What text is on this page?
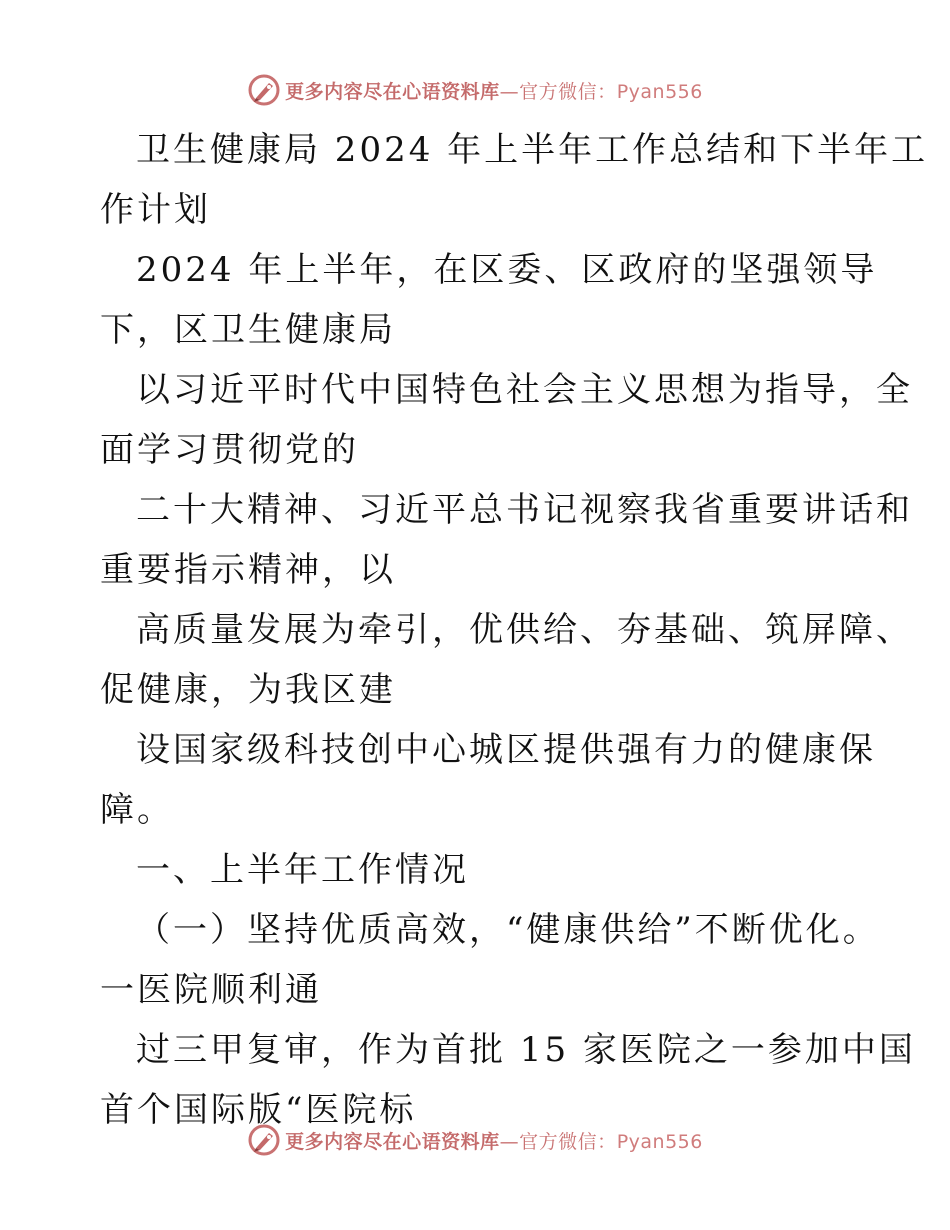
更多内容尽在心语资料库—官方微信：Pyan556
卫生健康局 2024 年上半年工作总结和下半年工
作计划
2024 年上半年，在区委、区政府的坚强领导
下，区卫生健康局
以习近平时代中国特色社会主义思想为指导，全
面学习贯彻党的
二十大精神、习近平总书记视察我省重要讲话和
重要指示精神，以
高质量发展为牵引，优供给、夯基础、筑屏障、
促健康，为我区建
设国家级科技创中心城区提供强有力的健康保
障。
一、上半年工作情况
（一）坚持优质高效，“健康供给”不断优化。
一医院顺利通
过三甲复审，作为首批 15 家医院之一参加中国
首个国际版“医院标
更多内容尽在心语资料库—官方微信：Pyan556
